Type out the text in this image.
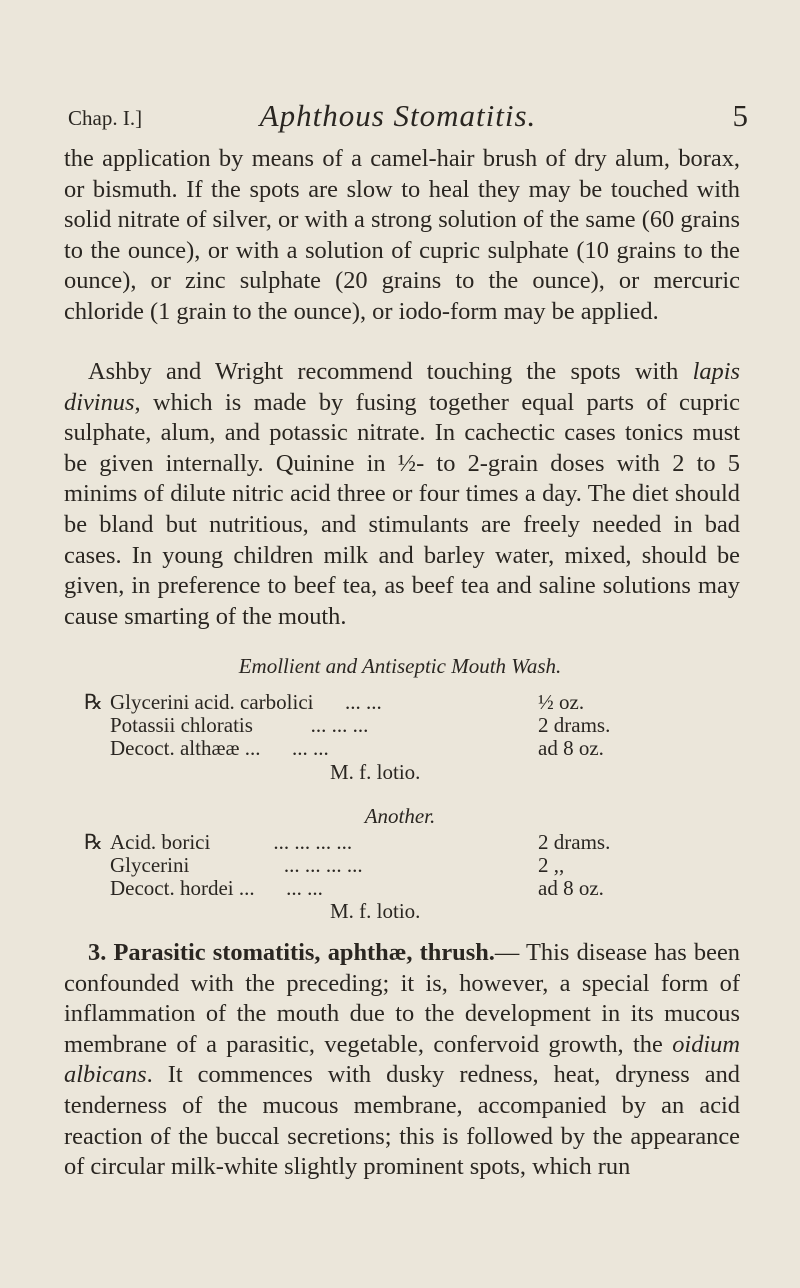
Chap. I.]	Aphthous Stomatitis.	5

the application by means of a camel-hair brush of dry alum, borax, or bismuth. If the spots are slow to heal they may be touched with solid nitrate of silver, or with a strong solution of the same (60 grains to the ounce), or with a solution of cupric sulphate (10 grains to the ounce), or zinc sulphate (20 grains to the ounce), or mercuric chloride (1 grain to the ounce), or iodo-form may be applied.

Ashby and Wright recommend touching the spots with lapis divinus, which is made by fusing together equal parts of cupric sulphate, alum, and potassic nitrate. In cachectic cases tonics must be given internally. Quinine in ½- to 2-grain doses with 2 to 5 minims of dilute nitric acid three or four times a day. The diet should be bland but nutritious, and stimulants are freely needed in bad cases. In young children milk and barley water, mixed, should be given, in preference to beef tea, as beef tea and saline solutions may cause smarting of the mouth.

Emollient and Antiseptic Mouth Wash.
℞ Glycerini acid. carbolici ... ...	½ oz.
Potassii chloratis	... ... ...	2 drams.
Decoct. althææ ... ... ...	ad 8 oz.
M. f. lotio.
Another.
℞ Acid. borici	... ... ... ...	2 drams.
Glycerini	... ... ... ...	2 ,,
Decoct. hordei ... ... ...	ad 8 oz.

3. Parasitic stomatitis, aphthæ, thrush.— This disease has been confounded with the preceding; it is, however, a special form of inflammation of the mouth due to the development in its mucous membrane of a parasitic, vegetable, confervoid growth, the oidium albicans. It commences with dusky redness, heat, dryness and tenderness of the mucous membrane, accompanied by an acid reaction of the buccal secretions; this is followed by the appearance of circular milk-white slightly prominent spots, which run

M. f. lotio.
